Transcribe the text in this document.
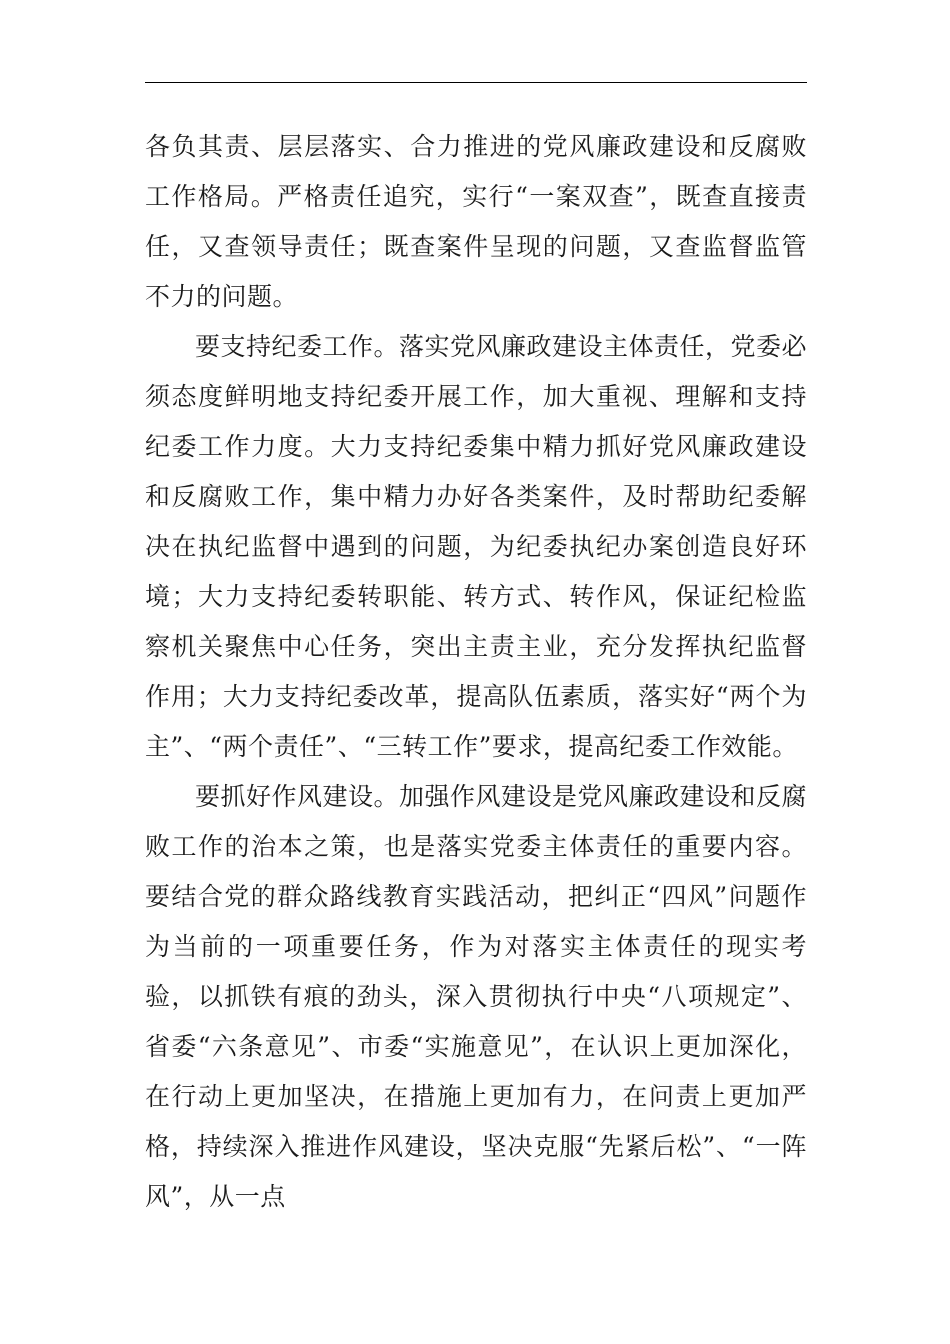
各负其责、层层落实、合力推进的党风廉政建设和反腐败工作格局。严格责任追究，实行“一案双查”，既查直接责任，又查领导责任；既查案件呈现的问题，又查监督监管不力的问题。

要支持纪委工作。落实党风廉政建设主体责任，党委必须态度鲜明地支持纪委开展工作，加大重视、理解和支持纪委工作力度。大力支持纪委集中精力抓好党风廉政建设和反腐败工作，集中精力办好各类案件，及时帮助纪委解决在执纪监督中遇到的问题，为纪委执纪办案创造良好环境；大力支持纪委转职能、转方式、转作风，保证纪检监察机关聚焦中心任务，突出主责主业，充分发挥执纪监督作用；大力支持纪委改革，提高队伍素质，落实好“两个为主”、“两个责任”、“三转工作”要求，提高纪委工作效能。

要抓好作风建设。加强作风建设是党风廉政建设和反腐败工作的治本之策，也是落实党委主体责任的重要内容。要结合党的群众路线教育实践活动，把纠正“四风”问题作为当前的一项重要任务，作为对落实主体责任的现实考验，以抓铁有痕的劲头，深入贯彻执行中央“八项规定”、省委“六条意见”、市委“实施意见”，在认识上更加深化，在行动上更加坚决，在措施上更加有力，在问责上更加严格，持续深入推进作风建设，坚决克服“先紧后松”、“一阵风”，从一点
